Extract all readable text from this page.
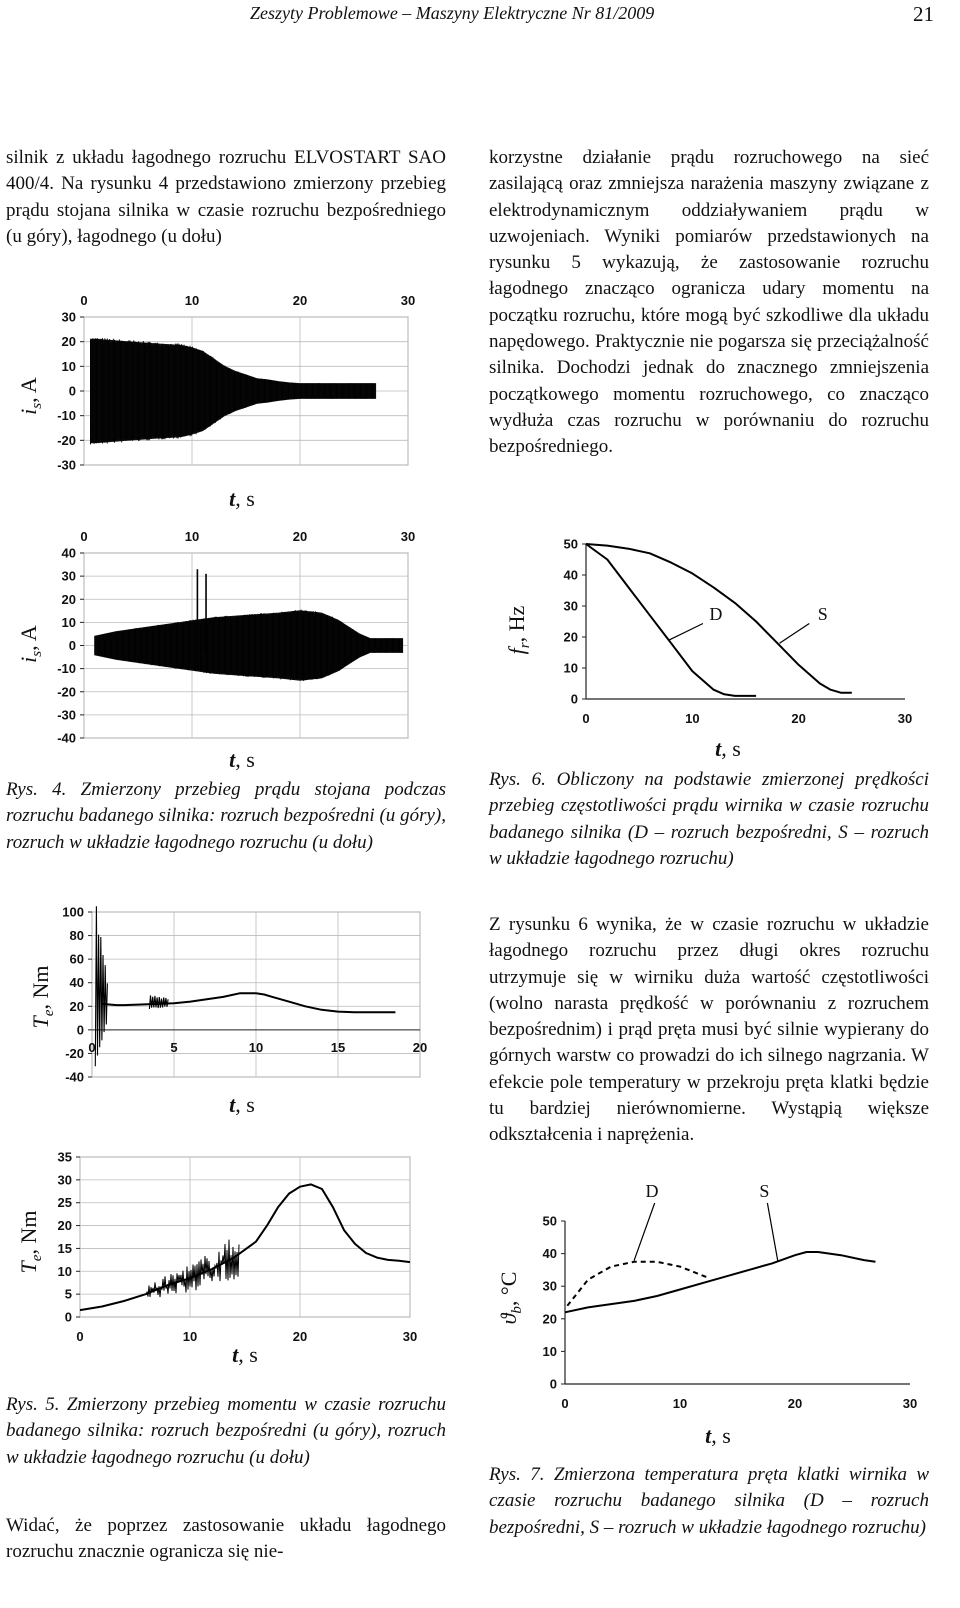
Zeszyty Problemowe – Maszyny Elektryczne Nr 81/2009	21

silnik z układu łagodnego rozruchu ELVOSTART SAO 400/4. Na rysunku 4 przedstawiono zmierzony przebieg prądu stojana silnika w czasie rozruchu bezpośredniego (u góry), łagodnego (u dołu)

korzystne działanie prądu rozruchowego na sieć zasilającą oraz zmniejsza narażenia maszyny związane z elektrodynamicznym oddziaływaniem prądu w uzwojeniach. Wyniki pomiarów przedstawionych na rysunku 5 wykazują, że zastosowanie rozruchu łagodnego znacząco ogranicza udary momentu na początku rozruchu, które mogą być szkodliwe dla układu napędowego. Praktycznie nie pogarsza się przeciążalność silnika. Dochodzi jednak do znacznego zmniejszenia początkowego momentu rozruchowego, co znacząco wydłuża czas rozruchu w porównaniu do rozruchu bezpośredniego.

30
20
10
0
-10
-20
-30
0	10	20	30
$i_s$, A
t, s
40
30
20
10
0
-10
-20
-30
-40
0	10	20	30
$i_s$, A
t, s

Rys. 4. Zmierzony przebieg prądu stojana podczas rozruchu badanego silnika: rozruch bezpośredni (u góry), rozruch w układzie łagodnego rozruchu (u dołu)

100
80
60
40
20
0
-20
-40
0	5	10	15	20
$T_e$, Nm
t, s
35
30
25
20
15
10
5
0
0	10	20	30
$T_e$, Nm
t, s

Rys. 5. Zmierzony przebieg momentu w czasie rozruchu badanego silnika: rozruch bezpośredni (u góry), rozruch w układzie łagodnego rozruchu (u dołu)

Widać, że poprzez zastosowanie układu łagodnego rozruchu znacznie ogranicza się nie-

50
40
30
20
10
0
0	10	20	30
D	S
$f_r$, Hz
t, s

Rys. 6. Obliczony na podstawie zmierzonej prędkości przebieg częstotliwości prądu wirnika w czasie rozruchu badanego silnika (D – rozruch bezpośredni, S – rozruch w układzie łagodnego rozruchu)

Z rysunku 6 wynika, że w czasie rozruchu w układzie łagodnego rozruchu przez długi okres rozruchu utrzymuje się w wirniku duża wartość częstotliwości (wolno narasta prędkość w porównaniu z rozruchem bezpośrednim) i prąd pręta musi być silnie wypierany do górnych warstw co prowadzi do ich silnego nagrzania. W efekcie pole temperatury w przekroju pręta klatki będzie tu bardziej nierównomierne. Wystąpią większe odkształcenia i naprężenia.

50
40
30
20
10
0
0	10	20	30
D	S
$ϑ_b$, °C
t, s

Rys. 7. Zmierzona temperatura pręta klatki wirnika w czasie rozruchu badanego silnika (D – rozruch bezpośredni, S – rozruch w układzie łagodnego rozruchu)
